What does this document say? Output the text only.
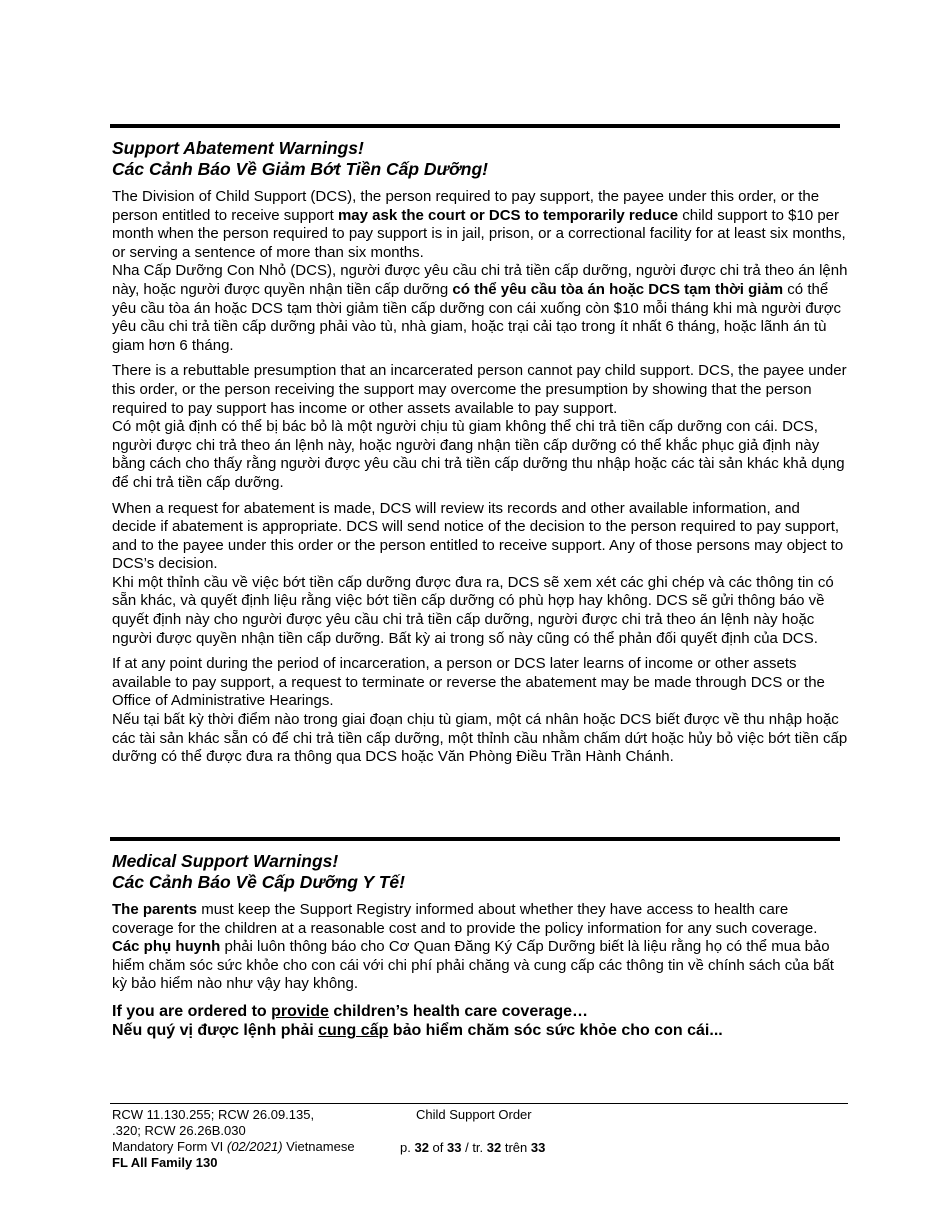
Support Abatement Warnings!
Các Cảnh Báo Về Giảm Bớt Tiền Cấp Dưỡng!
The Division of Child Support (DCS), the person required to pay support, the payee under this order, or the person entitled to receive support may ask the court or DCS to temporarily reduce child support to $10 per month when the person required to pay support is in jail, prison, or a correctional facility for at least six months, or serving a sentence of more than six months.
Nha Cấp Dưỡng Con Nhỏ (DCS), người được yêu cầu chi trả tiền cấp dưỡng, người được chi trả theo án lệnh này, hoặc người được quyền nhận tiền cấp dưỡng có thể yêu cầu tòa án hoặc DCS tạm thời giảm có thể yêu cầu tòa án hoặc DCS tạm thời giảm tiền cấp dưỡng con cái xuống còn $10 mỗi tháng khi mà người được yêu cầu chi trả tiền cấp dưỡng phải vào tù, nhà giam, hoặc trại cải tạo trong ít nhất 6 tháng, hoặc lãnh án tù giam hơn 6 tháng.
There is a rebuttable presumption that an incarcerated person cannot pay child support. DCS, the payee under this order, or the person receiving the support may overcome the presumption by showing that the person required to pay support has income or other assets available to pay support.
Có một giả định có thể bị bác bỏ là một người chịu tù giam không thể chi trả tiền cấp dưỡng con cái. DCS, người được chi trả theo án lệnh này, hoặc người đang nhận tiền cấp dưỡng có thể khắc phục giả định này bằng cách cho thấy rằng người được yêu cầu chi trả tiền cấp dưỡng thu nhập hoặc các tài sản khác khả dụng để chi trả tiền cấp dưỡng.
When a request for abatement is made, DCS will review its records and other available information, and decide if abatement is appropriate. DCS will send notice of the decision to the person required to pay support, and to the payee under this order or the person entitled to receive support. Any of those persons may object to DCS’s decision.
Khi một thỉnh cầu về việc bớt tiền cấp dưỡng được đưa ra, DCS sẽ xem xét các ghi chép và các thông tin có sẵn khác, và quyết định liệu rằng việc bớt tiền cấp dưỡng có phù hợp hay không. DCS sẽ gửi thông báo về quyết định này cho người được yêu cầu chi trả tiền cấp dưỡng, người được chi trả theo án lệnh này hoặc người được quyền nhận tiền cấp dưỡng. Bất kỳ ai trong số này cũng có thể phản đối quyết định của DCS.
If at any point during the period of incarceration, a person or DCS later learns of income or other assets available to pay support, a request to terminate or reverse the abatement may be made through DCS or the Office of Administrative Hearings.
Nếu tại bất kỳ thời điểm nào trong giai đoạn chịu tù giam, một cá nhân hoặc DCS biết được về thu nhập hoặc các tài sản khác sẵn có để chi trả tiền cấp dưỡng, một thỉnh cầu nhằm chấm dứt hoặc hủy bỏ việc bớt tiền cấp dưỡng có thể được đưa ra thông qua DCS hoặc Văn Phòng Điều Trần Hành Chánh.
Medical Support Warnings!
Các Cảnh Báo Về Cấp Dưỡng Y Tế!
The parents must keep the Support Registry informed about whether they have access to health care coverage for the children at a reasonable cost and to provide the policy information for any such coverage.
Các phụ huynh phải luôn thông báo cho Cơ Quan Đăng Ký Cấp Dưỡng biết là liệu rằng họ có thể mua bảo hiểm chăm sóc sức khỏe cho con cái với chi phí phải chăng và cung cấp các thông tin về chính sách của bất kỳ bảo hiểm nào như vậy hay không.
If you are ordered to provide children’s health care coverage…
Nếu quý vị được lệnh phải cung cấp bảo hiểm chăm sóc sức khỏe cho con cái...
RCW 11.130.255; RCW 26.09.135,
.320; RCW 26.26B.030
Mandatory Form VI (02/2021) Vietnamese
FL All Family 130
Child Support Order
p. 32 of 33 / tr. 32 trên 33
